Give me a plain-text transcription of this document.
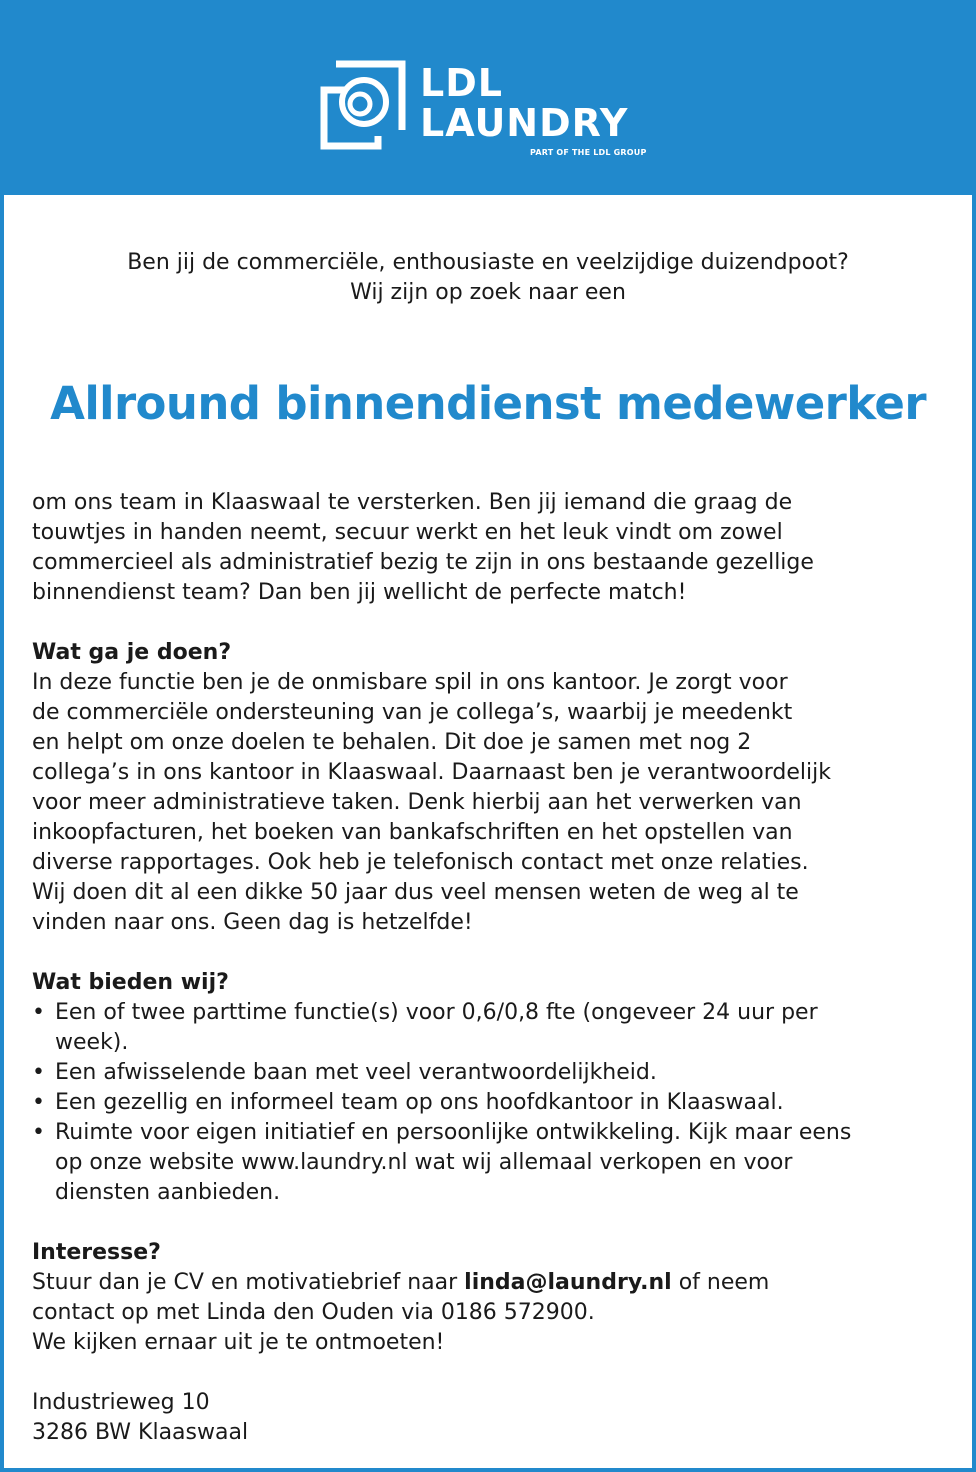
LDL
LAUNDRY
PART OF THE LDL GROUP
Ben jij de commerciële, enthousiaste en veelzijdige duizendpoot?
Wij zijn op zoek naar een
Allround binnendienst medewerker
om ons team in Klaaswaal te versterken. Ben jij iemand die graag de
touwtjes in handen neemt, secuur werkt en het leuk vindt om zowel
commercieel als administratief bezig te zijn in ons bestaande gezellige
binnendienst team? Dan ben jij wellicht de perfecte match!
Wat ga je doen?
In deze functie ben je de onmisbare spil in ons kantoor. Je zorgt voor
de commerciële ondersteuning van je collega’s, waarbij je meedenkt
en helpt om onze doelen te behalen. Dit doe je samen met nog 2
collega’s in ons kantoor in Klaaswaal. Daarnaast ben je verantwoordelijk
voor meer administratieve taken. Denk hierbij aan het verwerken van
inkoopfacturen, het boeken van bankafschriften en het opstellen van
diverse rapportages. Ook heb je telefonisch contact met onze relaties.
Wij doen dit al een dikke 50 jaar dus veel mensen weten de weg al te
vinden naar ons. Geen dag is hetzelfde!
Wat bieden wij?
• Een of twee parttime functie(s) voor 0,6/0,8 fte (ongeveer 24 uur per
week).
• Een afwisselende baan met veel verantwoordelijkheid.
• Een gezellig en informeel team op ons hoofdkantoor in Klaaswaal.
• Ruimte voor eigen initiatief en persoonlijke ontwikkeling. Kijk maar eens
op onze website www.laundry.nl wat wij allemaal verkopen en voor
diensten aanbieden.
Interesse?
Stuur dan je CV en motivatiebrief naar linda@laundry.nl of neem
contact op met Linda den Ouden via 0186 572900.
We kijken ernaar uit je te ontmoeten!
Industrieweg 10
3286 BW Klaaswaal
